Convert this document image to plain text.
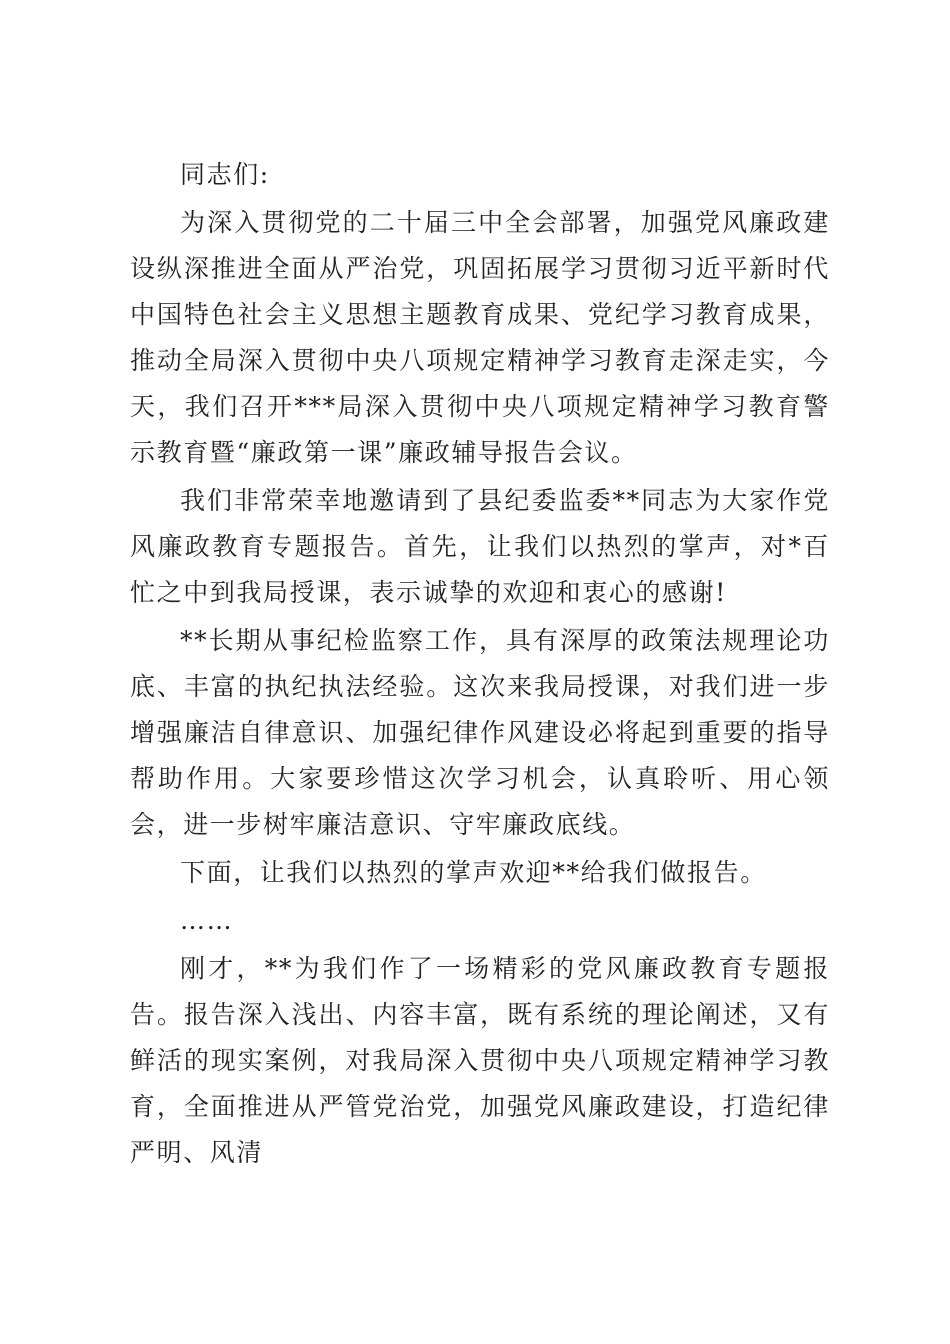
同志们:

为深入贯彻党的二十届三中全会部署，加强党风廉政建设纵深推进全面从严治党，巩固拓展学习贯彻习近平新时代中国特色社会主义思想主题教育成果、党纪学习教育成果，推动全局深入贯彻中央八项规定精神学习教育走深走实，今天，我们召开***局深入贯彻中央八项规定精神学习教育警示教育暨“廉政第一课”廉政辅导报告会议。

我们非常荣幸地邀请到了县纪委监委**同志为大家作党风廉政教育专题报告。首先，让我们以热烈的掌声，对*百忙之中到我局授课，表示诚挚的欢迎和衷心的感谢!

**长期从事纪检监察工作，具有深厚的政策法规理论功底、丰富的执纪执法经验。这次来我局授课，对我们进一步增强廉洁自律意识、加强纪律作风建设必将起到重要的指导帮助作用。大家要珍惜这次学习机会，认真聆听、用心领会，进一步树牢廉洁意识、守牢廉政底线。

下面，让我们以热烈的掌声欢迎**给我们做报告。

……

刚才，**为我们作了一场精彩的党风廉政教育专题报告。报告深入浅出、内容丰富，既有系统的理论阐述，又有鲜活的现实案例，对我局深入贯彻中央八项规定精神学习教育，全面推进从严管党治党，加强党风廉政建设，打造纪律严明、风清
